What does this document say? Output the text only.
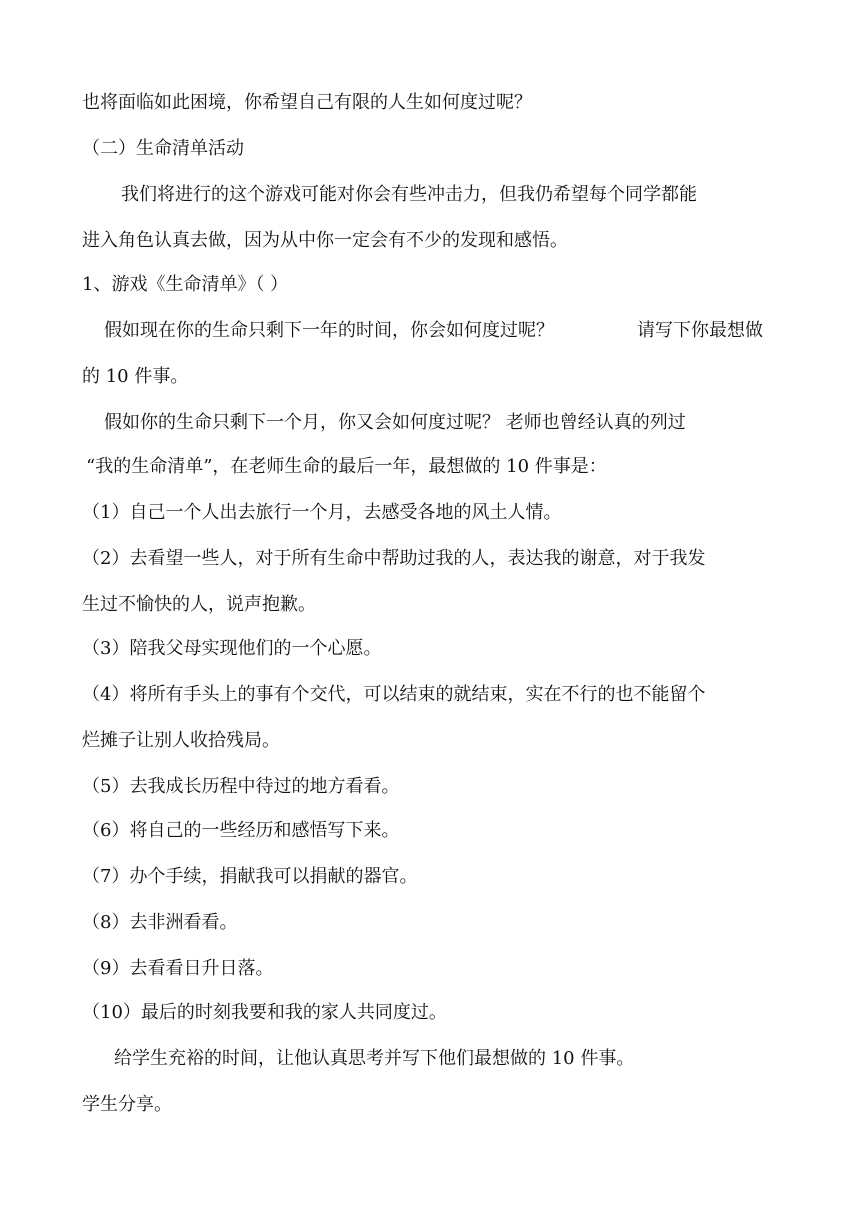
也将面临如此困境，你希望自己有限的人生如何度过呢？
（二）生命清单活动
我们将进行的这个游戏可能对你会有些冲击力，但我仍希望每个同学都能
进入角色认真去做，因为从中你一定会有不少的发现和感悟。
1、游戏《生命清单》（ ）
假如现在你的生命只剩下一年的时间，你会如何度过呢？	请写下你最想做
的 10 件事。
假如你的生命只剩下一个月，你又会如何度过呢？ 老师也曾经认真的列过
“我的生命清单”，在老师生命的最后一年，最想做的 10 件事是：
（1）自己一个人出去旅行一个月，去感受各地的风土人情。
（2）去看望一些人，对于所有生命中帮助过我的人，表达我的谢意，对于我发
生过不愉快的人，说声抱歉。
（3）陪我父母实现他们的一个心愿。
（4）将所有手头上的事有个交代，可以结束的就结束，实在不行的也不能留个
烂摊子让别人收拾残局。
（5）去我成长历程中待过的地方看看。
（6）将自己的一些经历和感悟写下来。
（7）办个手续，捐献我可以捐献的器官。
（8）去非洲看看。
（9）去看看日升日落。
（10）最后的时刻我要和我的家人共同度过。
给学生充裕的时间，让他认真思考并写下他们最想做的 10 件事。
学生分享。
